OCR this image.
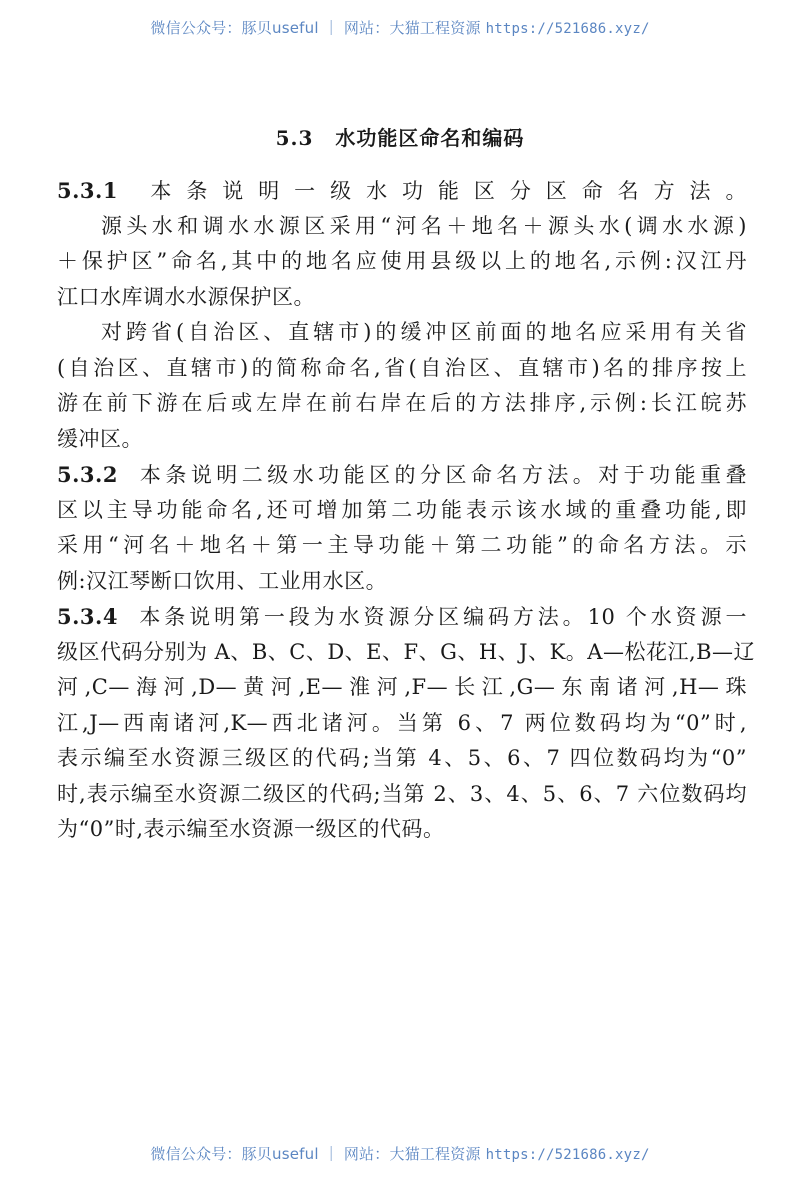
微信公众号：豚贝useful ｜ 网站：大猫工程资源 https://521686.xyz/
5.3 水功能区命名和编码
5.3.1 本条说明一级水功能区分区命名方法。
源头水和调水水源区采用“河名＋地名＋源头水(调水水源)
＋保护区”命名,其中的地名应使用县级以上的地名,示例:汉江丹
江口水库调水水源保护区。
对跨省(自治区、直辖市)的缓冲区前面的地名应采用有关省
(自治区、直辖市)的简称命名,省(自治区、直辖市)名的排序按上
游在前下游在后或左岸在前右岸在后的方法排序,示例:长江皖苏
缓冲区。
5.3.2 本条说明二级水功能区的分区命名方法。对于功能重叠
区以主导功能命名,还可增加第二功能表示该水域的重叠功能,即
采用“河名＋地名＋第一主导功能＋第二功能”的命名方法。示
例:汉江琴断口饮用、工业用水区。
5.3.4 本条说明第一段为水资源分区编码方法。10 个水资源一
级区代码分别为 A、B、C、D、E、F、G、H、J、K。A—松花江,B—辽
河,C—海河,D—黄河,E—淮河,F—长江,G—东南诸河,H—珠
江,J—西南诸河,K—西北诸河。当第 6、7 两位数码均为“0”时,
表示编至水资源三级区的代码;当第 4、5、6、7 四位数码均为“0”
时,表示编至水资源二级区的代码;当第 2、3、4、5、6、7 六位数码均
为“0”时,表示编至水资源一级区的代码。
微信公众号：豚贝useful ｜ 网站：大猫工程资源 https://521686.xyz/
